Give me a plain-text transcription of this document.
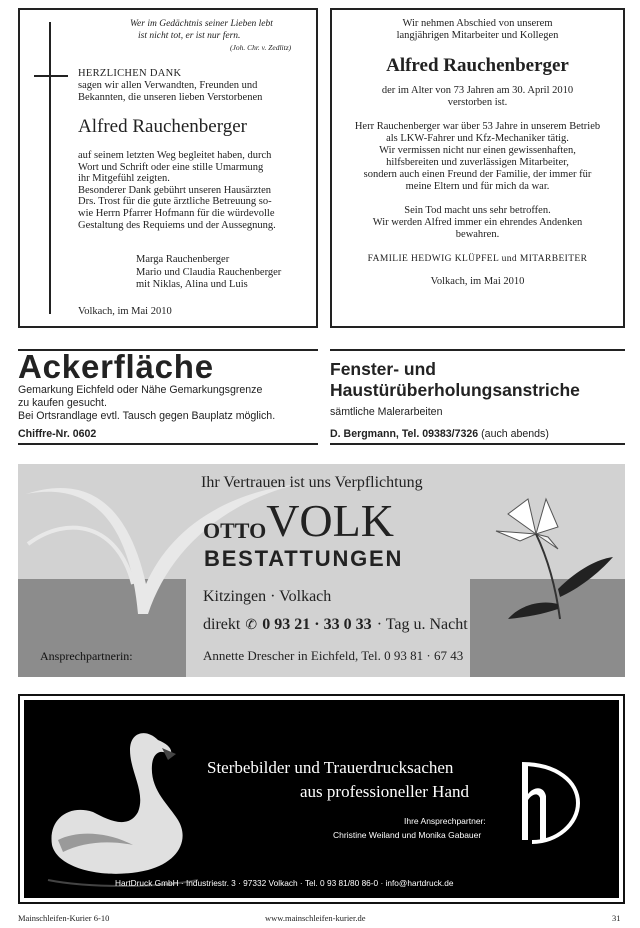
Wer im Gedächtnis seiner Lieben lebt
ist nicht tot, er ist nur fern.
(Joh. Chr. v. Zedlitz)
HERZLICHEN DANK
sagen wir allen Verwandten, Freunden und
Bekannten, die unseren lieben Verstorbenen
Alfred Rauchenberger
auf seinem letzten Weg begleitet haben, durch
Wort und Schrift oder eine stille Umarmung
ihr Mitgefühl zeigten.
Besonderer Dank gebührt unseren Hausärzten
Drs. Trost für die gute ärztliche Betreuung so-
wie Herrn Pfarrer Hofmann für die würdevolle
Gestaltung des Requiems und der Aussegnung.
Marga Rauchenberger
Mario und Claudia Rauchenberger
mit Niklas, Alina und Luis
Volkach, im Mai 2010
Wir nehmen Abschied von unserem
langjährigen Mitarbeiter und Kollegen
Alfred Rauchenberger
der im Alter von 73 Jahren am 30. April 2010
verstorben ist.
Herr Rauchenberger war über 53 Jahre in unserem Betrieb
als LKW-Fahrer und Kfz-Mechaniker tätig.
Wir vermissen nicht nur einen gewissenhaften,
hilfsbereiten und zuverlässigen Mitarbeiter,
sondern auch einen Freund der Familie, der immer für
meine Eltern und für mich da war.
Sein Tod macht uns sehr betroffen.
Wir werden Alfred immer ein ehrendes Andenken
bewahren.
FAMILIE HEDWIG KLÜPFEL und MITARBEITER
Volkach, im Mai 2010
Ackerfläche
Gemarkung Eichfeld oder Nähe Gemarkungsgrenze
zu kaufen gesucht.
Bei Ortsrandlage evtl. Tausch gegen Bauplatz möglich.
Chiffre-Nr. 0602
Fenster- und
Haustürüberholungsanstriche
sämtliche Malerarbeiten
D. Bergmann, Tel. 09383/7326 (auch abends)
Ihr Vertrauen ist uns Verpflichtung
OTTOVOLK
BESTATTUNGEN
Kitzingen · Volkach
direkt ✆ 0 93 21 · 33 0 33 · Tag u. Nacht
Ansprechpartnerin:	Annette Drescher in Eichfeld, Tel. 0 93 81 · 67 43
Sterbebilder und Trauerdrucksachen
aus professioneller Hand
Ihre Ansprechpartner:
Christine Weiland und Monika Gabauer
HartDruck GmbH · Industriestr. 3 · 97332 Volkach · Tel. 0 93 81/80 86-0 · info@hartdruck.de
Mainschleifen-Kurier 6-10	www.mainschleifen-kurier.de	31
